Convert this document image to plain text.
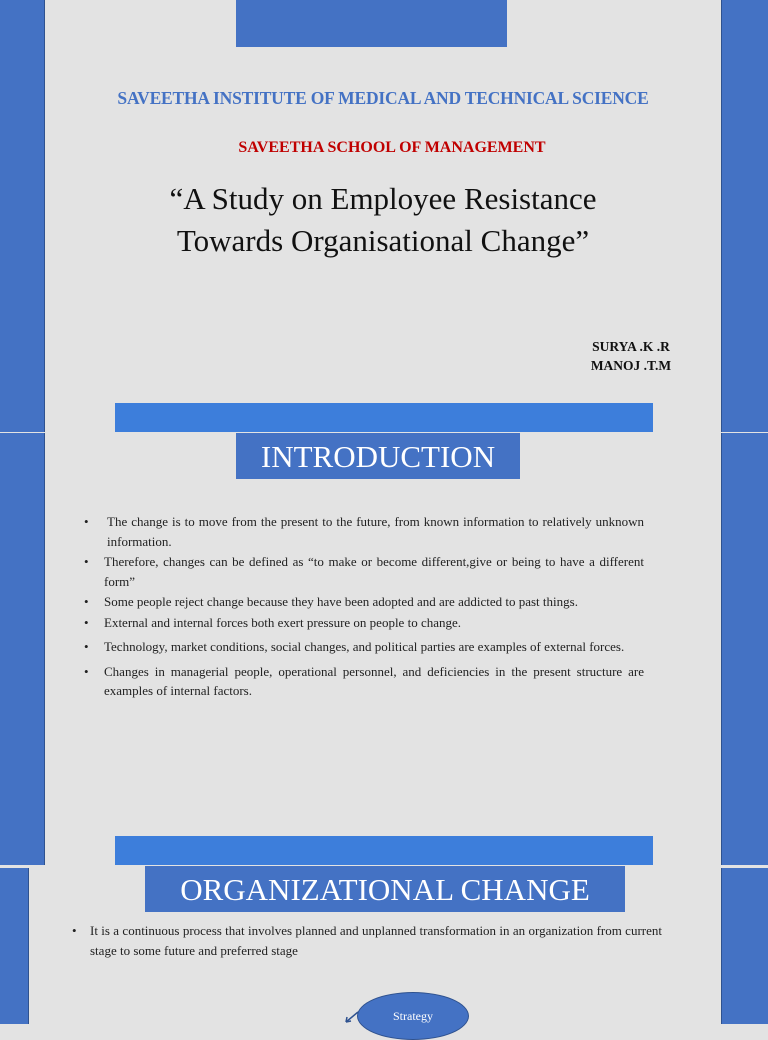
SAVEETHA INSTITUTE OF MEDICAL AND TECHNICAL SCIENCE
SAVEETHA SCHOOL OF MANAGEMENT
“A Study on Employee Resistance
Towards Organisational Change”
SURYA .K .R
MANOJ .T.M
INTRODUCTION
• The change is to move from the present to the future, from known information to relatively unknown information.
• Therefore, changes can be defined as “to make or become different,give or being to have a different form”
• Some people reject change because they have been adopted and are addicted to past things.
• External and internal forces both exert pressure on people to change.
• Technology, market conditions, social changes, and political parties are examples of external forces.
• Changes in managerial people, operational personnel, and deficiencies in the present structure are examples of internal factors.
ORGANIZATIONAL CHANGE
• It is a continuous process that involves planned and unplanned transformation in an organization from current stage to some future and preferred stage
Strategy
